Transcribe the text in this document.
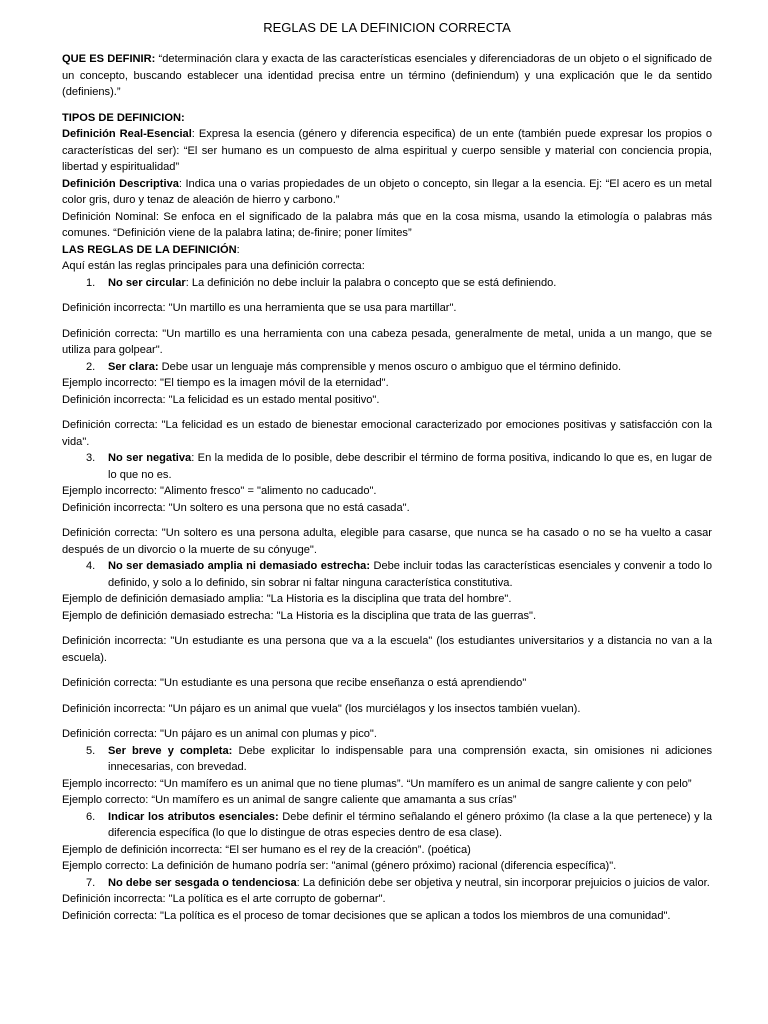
REGLAS DE LA DEFINICION CORRECTA

QUE ES DEFINIR: “determinación clara y exacta de las características esenciales y diferenciadoras de un objeto o el significado de un concepto, buscando establecer una identidad precisa entre un término (definiendum) y una explicación que le da sentido (definiens).”

TIPOS DE DEFINICION:

Definición Real-Esencial: Expresa la esencia (género y diferencia especifica) de un ente (también puede expresar los propios o características del ser): “El ser humano es un compuesto de alma espiritual y cuerpo sensible y material con conciencia propia, libertad y espiritualidad”

Definición Descriptiva: Indica una o varias propiedades de un objeto o concepto, sin llegar a la esencia. Ej: “El acero es un metal color gris, duro y tenaz de aleación de hierro y carbono.”

Definición Nominal: Se enfoca en el significado de la palabra más que en la cosa misma, usando la etimología o palabras más comunes. “Definición viene de la palabra latina; de-finire; poner límites”

LAS REGLAS DE LA DEFINICIÓN:

Aquí están las reglas principales para una definición correcta:

1. No ser circular: La definición no debe incluir la palabra o concepto que se está definiendo.

Definición incorrecta: "Un martillo es una herramienta que se usa para martillar".

Definición correcta: "Un martillo es una herramienta con una cabeza pesada, generalmente de metal, unida a un mango, que se utiliza para golpear".

2. Ser clara: Debe usar un lenguaje más comprensible y menos oscuro o ambiguo que el término definido.

Ejemplo incorrecto: "El tiempo es la imagen móvil de la eternidad".

Definición incorrecta: "La felicidad es un estado mental positivo".

Definición correcta: "La felicidad es un estado de bienestar emocional caracterizado por emociones positivas y satisfacción con la vida".

3. No ser negativa: En la medida de lo posible, debe describir el término de forma positiva, indicando lo que es, en lugar de lo que no es.

Ejemplo incorrecto: "Alimento fresco" = "alimento no caducado".

Definición incorrecta: "Un soltero es una persona que no está casada".

Definición correcta: "Un soltero es una persona adulta, elegible para casarse, que nunca se ha casado o no se ha vuelto a casar después de un divorcio o la muerte de su cónyuge".

4. No ser demasiado amplia ni demasiado estrecha: Debe incluir todas las características esenciales y convenir a todo lo definido, y solo a lo definido, sin sobrar ni faltar ninguna característica constitutiva.

Ejemplo de definición demasiado amplia: "La Historia es la disciplina que trata del hombre".

Ejemplo de definición demasiado estrecha: "La Historia es la disciplina que trata de las guerras".

Definición incorrecta: "Un estudiante es una persona que va a la escuela" (los estudiantes universitarios y a distancia no van a la escuela).

Definición correcta: "Un estudiante es una persona que recibe enseñanza o está aprendiendo"

Definición incorrecta: "Un pájaro es un animal que vuela" (los murciélagos y los insectos también vuelan).

Definición correcta: "Un pájaro es un animal con plumas y pico".

5. Ser breve y completa: Debe explicitar lo indispensable para una comprensión exacta, sin omisiones ni adiciones innecesarias, con brevedad.

Ejemplo incorrecto: “Un mamífero es un animal que no tiene plumas”. “Un mamífero es un animal de sangre caliente y con pelo”

Ejemplo correcto: “Un mamífero es un animal de sangre caliente que amamanta a sus crías”

6. Indicar los atributos esenciales: Debe definir el término señalando el género próximo (la clase a la que pertenece) y la diferencia específica (lo que lo distingue de otras especies dentro de esa clase).

Ejemplo de definición incorrecta: “El ser humano es el rey de la creación”. (poética)

Ejemplo correcto: La definición de humano podría ser: "animal (género próximo) racional (diferencia específica)".

7. No debe ser sesgada o tendenciosa: La definición debe ser objetiva y neutral, sin incorporar prejuicios o juicios de valor.

Definición incorrecta: "La política es el arte corrupto de gobernar".

Definición correcta: "La política es el proceso de tomar decisiones que se aplican a todos los miembros de una comunidad".
